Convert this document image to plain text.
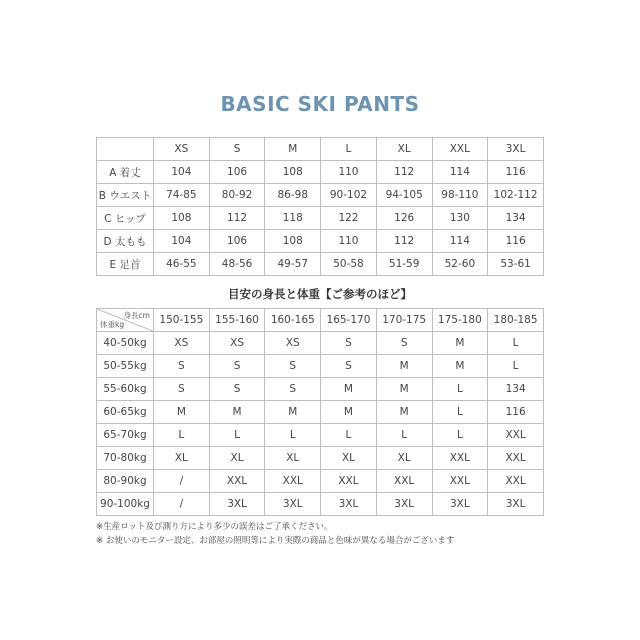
BASIC SKI PANTS
	XS	S	M	L	XL	XXL	3XL
A 着丈	104	106	108	110	112	114	116
B ウエスト	74-85	80-92	86-98	90-102	94-105	98-110	102-112
C ヒップ	108	112	118	122	126	130	134
D 太もも	104	106	108	110	112	114	116
E 足首	46-55	48-56	49-57	50-58	51-59	52-60	53-61
目安の身長と体重【ご参考のほど】
身長cm
体重kg	150-155	155-160	160-165	165-170	170-175	175-180	180-185
40-50kg	XS	XS	XS	S	S	M	L
50-55kg	S	S	S	S	M	M	L
55-60kg	S	S	S	M	M	L	134
60-65kg	M	M	M	M	M	L	116
65-70kg	L	L	L	L	L	L	XXL
70-80kg	XL	XL	XL	XL	XL	XXL	XXL
80-90kg	/	XXL	XXL	XXL	XXL	XXL	XXL
90-100kg	/	3XL	3XL	3XL	3XL	3XL	3XL
※生産ロット及び測り方により多少の誤差はご了承ください。
※ お使いのモニター設定、お部屋の照明等により実際の商品と色味が異なる場合がございます
